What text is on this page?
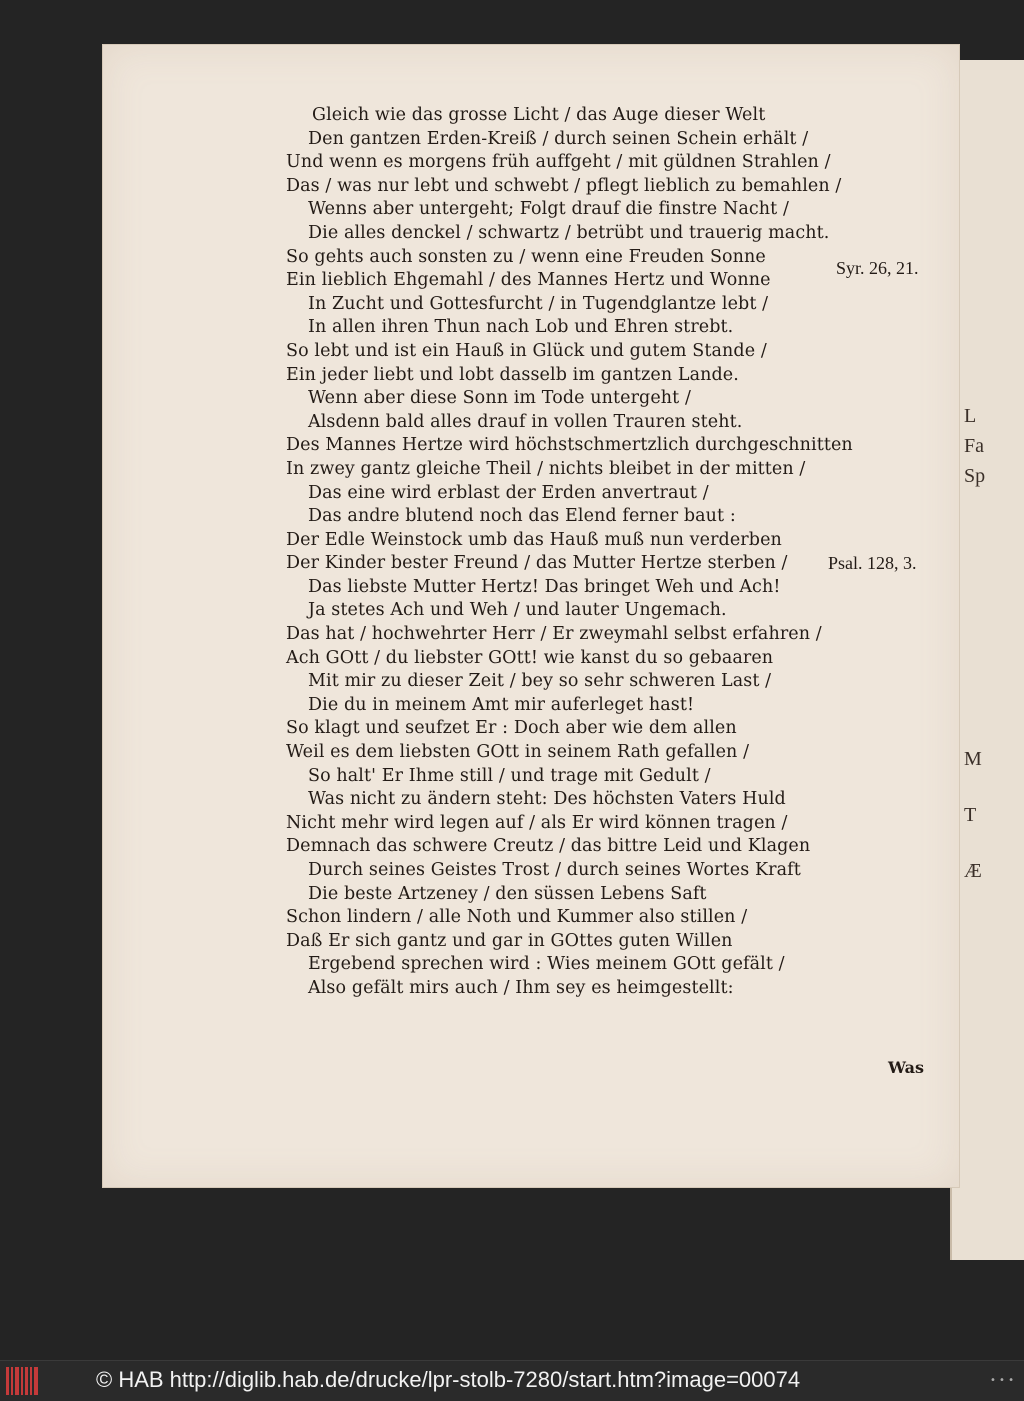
L
Fa
Sp
M
T
Æ
Gleich wie das grosse Licht / das Auge dieser Welt
Den gantzen Erden-Kreiß / durch seinen Schein erhält /
Und wenn es morgens früh auffgeht / mit güldnen Strahlen /
Das / was nur lebt und schwebt / pflegt lieblich zu bemahlen /
Wenns aber untergeht; Folgt drauf die finstre Nacht /
Die alles denckel / schwartz / betrübt und trauerig macht.
So gehts auch sonsten zu / wenn eine Freuden Sonne
Ein lieblich Ehgemahl / des Mannes Hertz und Wonne
In Zucht und Gottesfurcht / in Tugendglantze lebt /
In allen ihren Thun nach Lob und Ehren strebt.
So lebt und ist ein Hauß in Glück und gutem Stande /
Ein jeder liebt und lobt dasselb im gantzen Lande.
Wenn aber diese Sonn im Tode untergeht /
Alsdenn bald alles drauf in vollen Trauren steht.
Des Mannes Hertze wird höchstschmertzlich durchgeschnitten
In zwey gantz gleiche Theil / nichts bleibet in der mitten /
Das eine wird erblast der Erden anvertraut /
Das andre blutend noch das Elend ferner baut :
Der Edle Weinstock umb das Hauß muß nun verderben
Der Kinder bester Freund / das Mutter Hertze sterben /
Das liebste Mutter Hertz! Das bringet Weh und Ach!
Ja stetes Ach und Weh / und lauter Ungemach.
Das hat / hochwehrter Herr / Er zweymahl selbst erfahren /
Ach GOtt / du liebster GOtt! wie kanst du so gebaaren
Mit mir zu dieser Zeit / bey so sehr schweren Last /
Die du in meinem Amt mir auferleget hast!
So klagt und seufzet Er : Doch aber wie dem allen
Weil es dem liebsten GOtt in seinem Rath gefallen /
So halt' Er Ihme still / und trage mit Gedult /
Was nicht zu ändern steht: Des höchsten Vaters Huld
Nicht mehr wird legen auf / als Er wird können tragen /
Demnach das schwere Creutz / das bittre Leid und Klagen
Durch seines Geistes Trost / durch seines Wortes Kraft
Die beste Artzeney / den süssen Lebens Saft
Schon lindern / alle Noth und Kummer also stillen /
Daß Er sich gantz und gar in GOttes guten Willen
Ergebend sprechen wird : Wies meinem GOtt gefält /
Also gefält mirs auch / Ihm sey es heimgestellt:
Syr. 26, 21.
Psal. 128, 3.
Was
© HAB http://diglib.hab.de/drucke/lpr-stolb-7280/start.htm?image=00074	• • •
